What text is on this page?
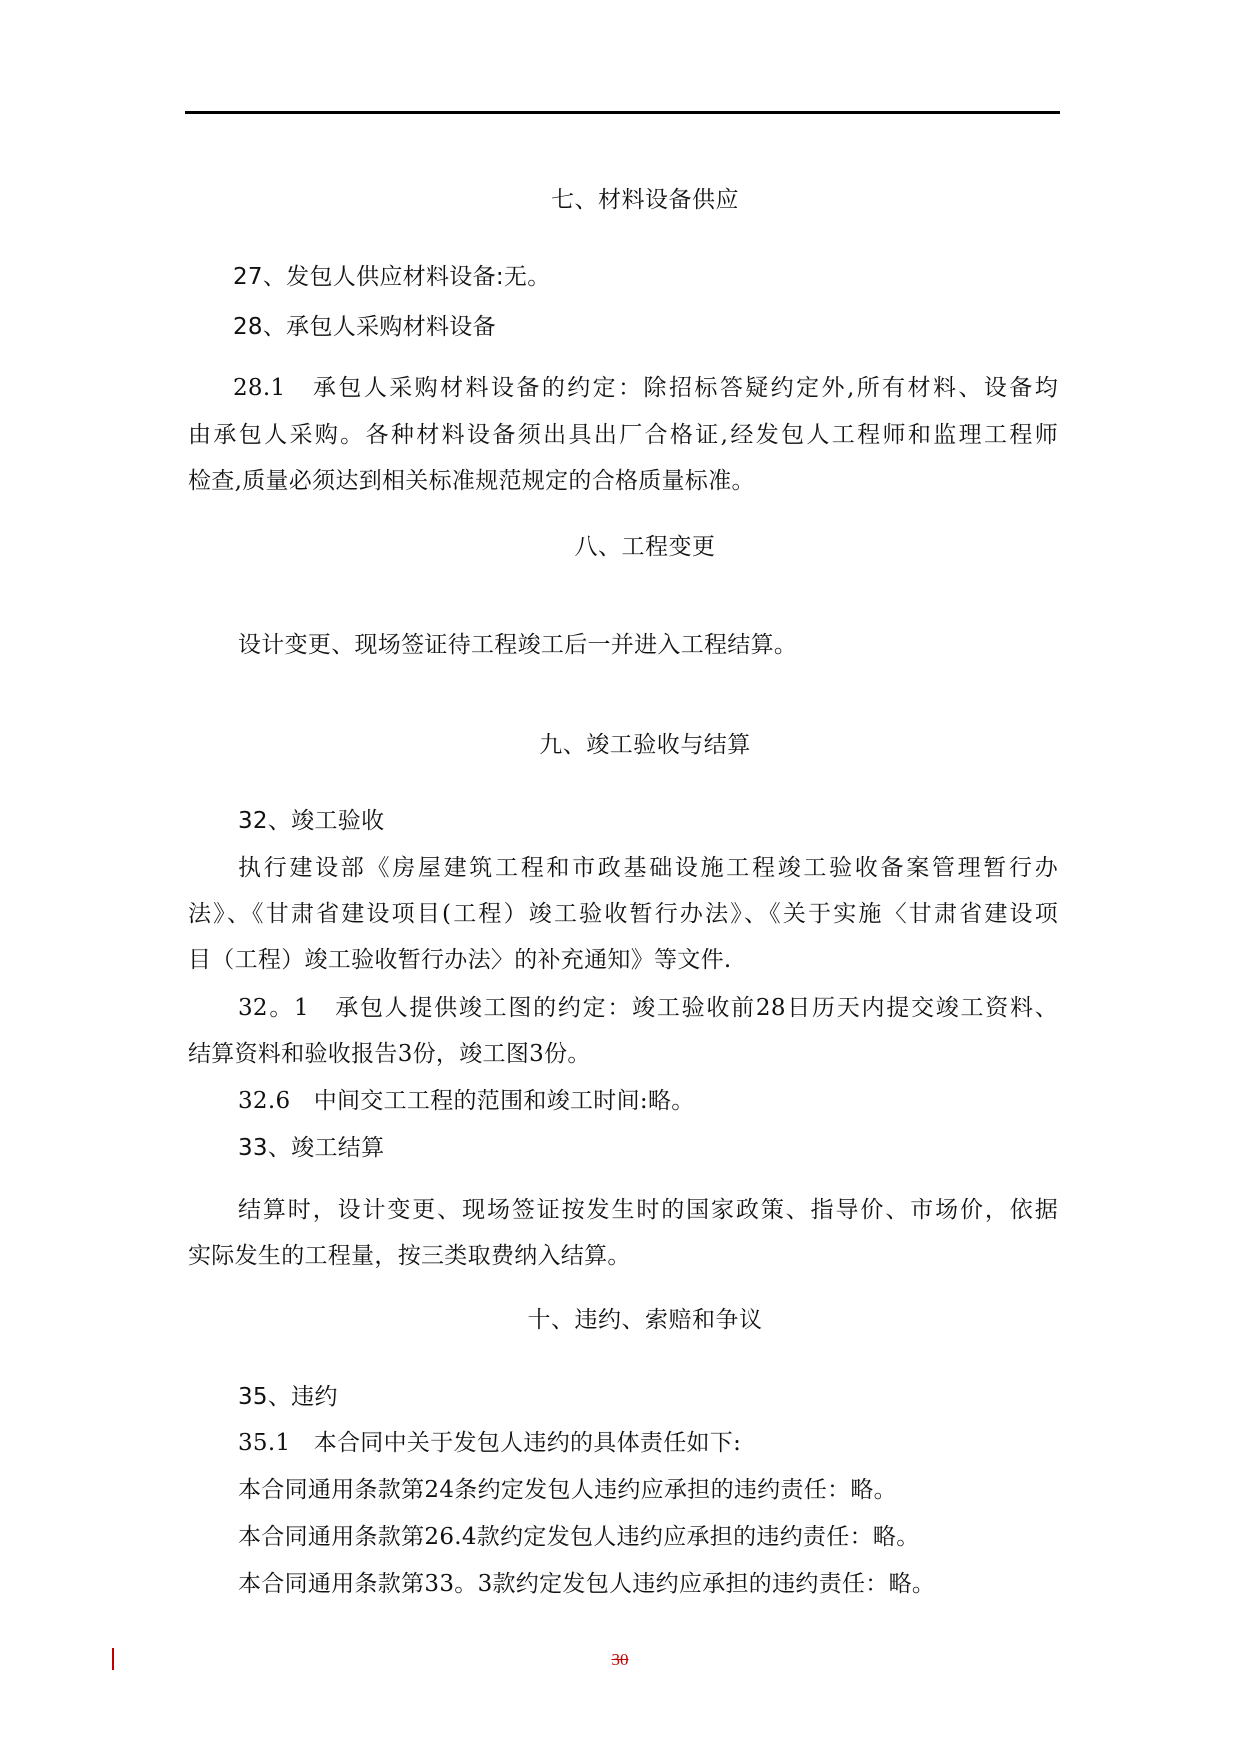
七、材料设备供应
27、发包人供应材料设备:无。
28、承包人采购材料设备
28.1　承包人采购材料设备的约定：除招标答疑约定外,所有材料、设备均
由承包人采购。各种材料设备须出具出厂合格证,经发包人工程师和监理工程师
检查,质量必须达到相关标准规范规定的合格质量标准。
八、工程变更
设计变更、现场签证待工程竣工后一并进入工程结算。
九、竣工验收与结算
32、竣工验收
执行建设部《房屋建筑工程和市政基础设施工程竣工验收备案管理暂行办
法》、《甘肃省建设项目(工程）竣工验收暂行办法》、《关于实施〈甘肃省建设项
目（工程）竣工验收暂行办法〉的补充通知》等文件.
32。1　承包人提供竣工图的约定：竣工验收前28日历天内提交竣工资料、
结算资料和验收报告3份，竣工图3份。
32.6　中间交工工程的范围和竣工时间:略。
33、竣工结算
结算时，设计变更、现场签证按发生时的国家政策、指导价、市场价，依据
实际发生的工程量，按三类取费纳入结算。
十、违约、索赔和争议
35、违约
35.1　本合同中关于发包人违约的具体责任如下:
本合同通用条款第24条约定发包人违约应承担的违约责任：略。
本合同通用条款第26.4款约定发包人违约应承担的违约责任：略。
本合同通用条款第33。3款约定发包人违约应承担的违约责任：略。
30
